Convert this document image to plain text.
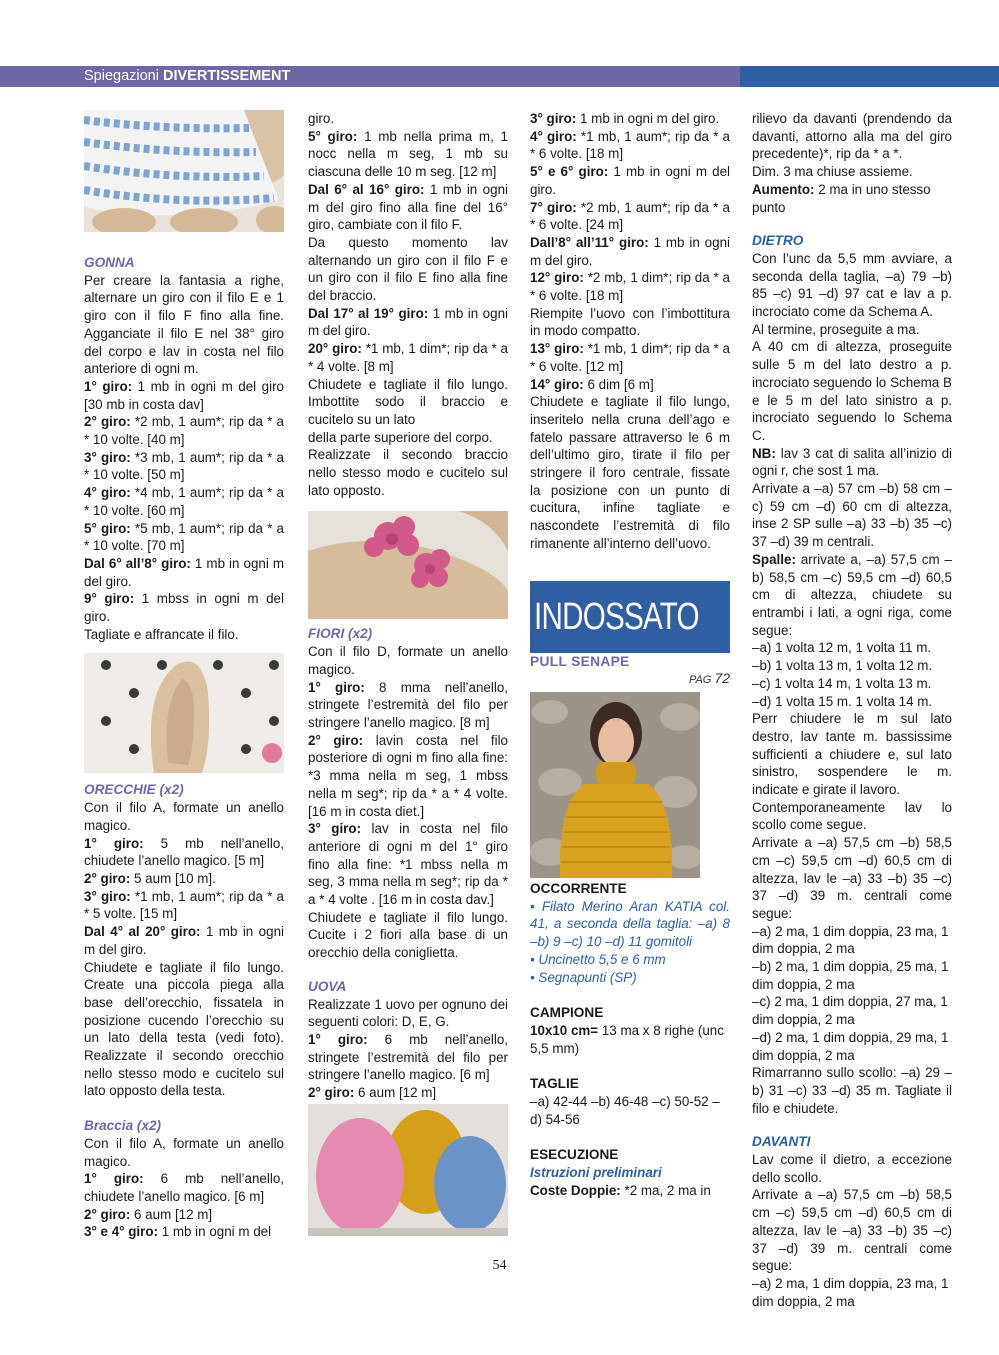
Spiegazioni DIVERTISSEMENT

GONNA

Per creare la fantasia a righe, alternare un giro con il filo E e 1 giro con il filo F fino alla fine. Agganciate il filo E nel 38° giro del corpo e lav in costa nel filo anteriore di ogni m.

1° giro: 1 mb in ogni m del giro [30 mb in costa dav]

2° giro: *2 mb, 1 aum*; rip da * a * 10 volte. [40 m]

3° giro: *3 mb, 1 aum*; rip da * a * 10 volte. [50 m]

4° giro: *4 mb, 1 aum*; rip da * a * 10 volte. [60 m]

5° giro: *5 mb, 1 aum*; rip da * a * 10 volte. [70 m]

Dal 6° all’8° giro: 1 mb in ogni m del giro.

9° giro: 1 mbss in ogni m del giro.

Tagliate e affrancate il filo.

ORECCHIE (x2)

Con il filo A, formate un anello magico.

1° giro: 5 mb nell’anello, chiudete l’anello magico. [5 m]

2° giro: 5 aum [10 m].

3° giro: *1 mb, 1 aum*; rip da * a * 5 volte. [15 m]

Dal 4° al 20° giro: 1 mb in ogni m del giro.

Chiudete e tagliate il filo lungo. Create una piccola piega alla base dell’orecchio, fissatela in posizione cucendo l’orecchio su un lato della testa (vedi foto). Realizzate il secondo orecchio nello stesso modo e cucitelo sul lato opposto della testa.

Braccia (x2)

Con il filo A, formate un anello magico.

1° giro: 6 mb nell’anello, chiudete l’anello magico. [6 m]

2° giro: 6 aum [12 m]

3° e 4° giro: 1 mb in ogni m del

giro.

5° giro: 1 mb nella prima m, 1 nocc nella m seg, 1 mb su ciascuna delle 10 m seg. [12 m]

Dal 6° al 16° giro: 1 mb in ogni m del giro fino alla fine del 16° giro, cambiate con il filo F.

Da questo momento lav alternando un giro con il filo F e un giro con il filo E fino alla fine del braccio.

Dal 17° al 19° giro: 1 mb in ogni m del giro.

20° giro: *1 mb, 1 dim*; rip da * a * 4 volte. [8 m]

Chiudete e tagliate il filo lungo. Imbottite sodo il braccio e cucitelo su un lato

della parte superiore del corpo.

Realizzate il secondo braccio nello stesso modo e cucitelo sul lato opposto.

FIORI (x2)

Con il filo D, formate un anello magico.

1° giro: 8 mma nell’anello, stringete l’estremità del filo per stringere l’anello magico. [8 m]

2° giro: lavin costa nel filo posteriore di ogni m fino alla fine: *3 mma nella m seg, 1 mbss nella m seg*; rip da * a * 4 volte. [16 m in costa diet.]

3° giro: lav in costa nel filo anteriore di ogni m del 1° giro fino alla fine: *1 mbss nella m seg, 3 mma nella m seg*; rip da * a * 4 volte . [16 m in costa dav.]

Chiudete e tagliate il filo lungo. Cucite i 2 fiori alla base di un orecchio della coniglietta.

UOVA

Realizzate 1 uovo per ognuno dei seguenti colori: D, E, G.

1° giro: 6 mb nell’anello, stringete l’estremità del filo per stringere l’anello magico. [6 m]

2° giro: 6 aum [12 m]

3° giro: 1 mb in ogni m del giro.

4° giro: *1 mb, 1 aum*; rip da * a * 6 volte. [18 m]

5° e 6° giro: 1 mb in ogni m del giro.

7° giro: *2 mb, 1 aum*; rip da * a * 6 volte. [24 m]

Dall’8° all’11° giro: 1 mb in ogni m del giro.

12° giro: *2 mb, 1 dim*; rip da * a * 6 volte. [18 m]

Riempite l’uovo con l’imbottitura in modo compatto.

13° giro: *1 mb, 1 dim*; rip da * a * 6 volte. [12 m]

14° giro: 6 dim [6 m]

Chiudete e tagliate il filo lungo, inseritelo nella cruna dell’ago e fatelo passare attraverso le 6 m dell’ultimo giro, tirate il filo per stringere il foro centrale, fissate la posizione con un punto di cucitura, infine tagliate e nascondete l’estremità di filo rimanente all’interno dell’uovo.

INDOSSATO

PULL SENAPE

PAG 72

OCCORRENTE

• Filato Merino Aran KATIA col. 41, a seconda della taglia: –a) 8 –b) 9 –c) 10 –d) 11 gomitoli

• Uncinetto 5,5 e 6 mm

• Segnapunti (SP)

CAMPIONE

10x10 cm= 13 ma x 8 righe (unc 5,5 mm)

TAGLIE

–a) 42-44 –b) 46-48 –c) 50-52 –d) 54-56

ESECUZIONE

Istruzioni preliminari

Coste Doppie: *2 ma, 2 ma in

rilievo da davanti (prendendo da davanti, attorno alla ma del giro precedente)*, rip da * a *.

Dim. 3 ma chiuse assieme.

Aumento: 2 ma in uno stesso punto

DIETRO

Con l’unc da 5,5 mm avviare, a seconda della taglia, –a) 79 –b) 85 –c) 91 –d) 97 cat e lav a p. incrociato come da Schema A.

Al termine, proseguite a ma.

A 40 cm di altezza, proseguite sulle 5 m del lato destro a p. incrociato seguendo lo Schema B e le 5 m del lato sinistro a p. incrociato seguendo lo Schema C.

NB: lav 3 cat di salita all’inizio di ogni r, che sost 1 ma.

Arrivate a –a) 57 cm –b) 58 cm –c) 59 cm –d) 60 cm di altezza, inse 2 SP sulle –a) 33 –b) 35 –c) 37 –d) 39 m centrali.

Spalle: arrivate a, –a) 57,5 cm –b) 58,5 cm –c) 59,5 cm –d) 60,5 cm di altezza, chiudete su entrambi i lati, a ogni riga, come segue:

–a) 1 volta 12 m, 1 volta 11 m.

–b) 1 volta 13 m, 1 volta 12 m.

–c) 1 volta 14 m, 1 volta 13 m.

–d) 1 volta 15 m. 1 volta 14 m.

Perr chiudere le m sul lato destro, lav tante m. bassissime sufficienti a chiudere e, sul lato sinistro, sospendere le m. indicate e girate il lavoro.

Contemporaneamente lav lo scollo come segue.

Arrivate a –a) 57,5 cm –b) 58,5 cm –c) 59,5 cm –d) 60,5 cm di altezza, lav le –a) 33 –b) 35 –c) 37 –d) 39 m. centrali come segue:

–a) 2 ma, 1 dim doppia, 23 ma, 1 dim doppia, 2 ma

–b) 2 ma, 1 dim doppia, 25 ma, 1 dim doppia, 2 ma

–c) 2 ma, 1 dim doppia, 27 ma, 1 dim doppia, 2 ma

–d) 2 ma, 1 dim doppia, 29 ma, 1 dim doppia, 2 ma

Rimarranno sullo scollo: –a) 29 –b) 31 –c) 33 –d) 35 m. Tagliate il filo e chiudete.

DAVANTI

Lav come il dietro, a eccezione dello scollo.

Arrivate a –a) 57,5 cm –b) 58,5 cm –c) 59,5 cm –d) 60,5 cm di altezza, lav le –a) 33 –b) 35 –c) 37 –d) 39 m. centrali come segue:

–a) 2 ma, 1 dim doppia, 23 ma, 1 dim doppia, 2 ma

54
